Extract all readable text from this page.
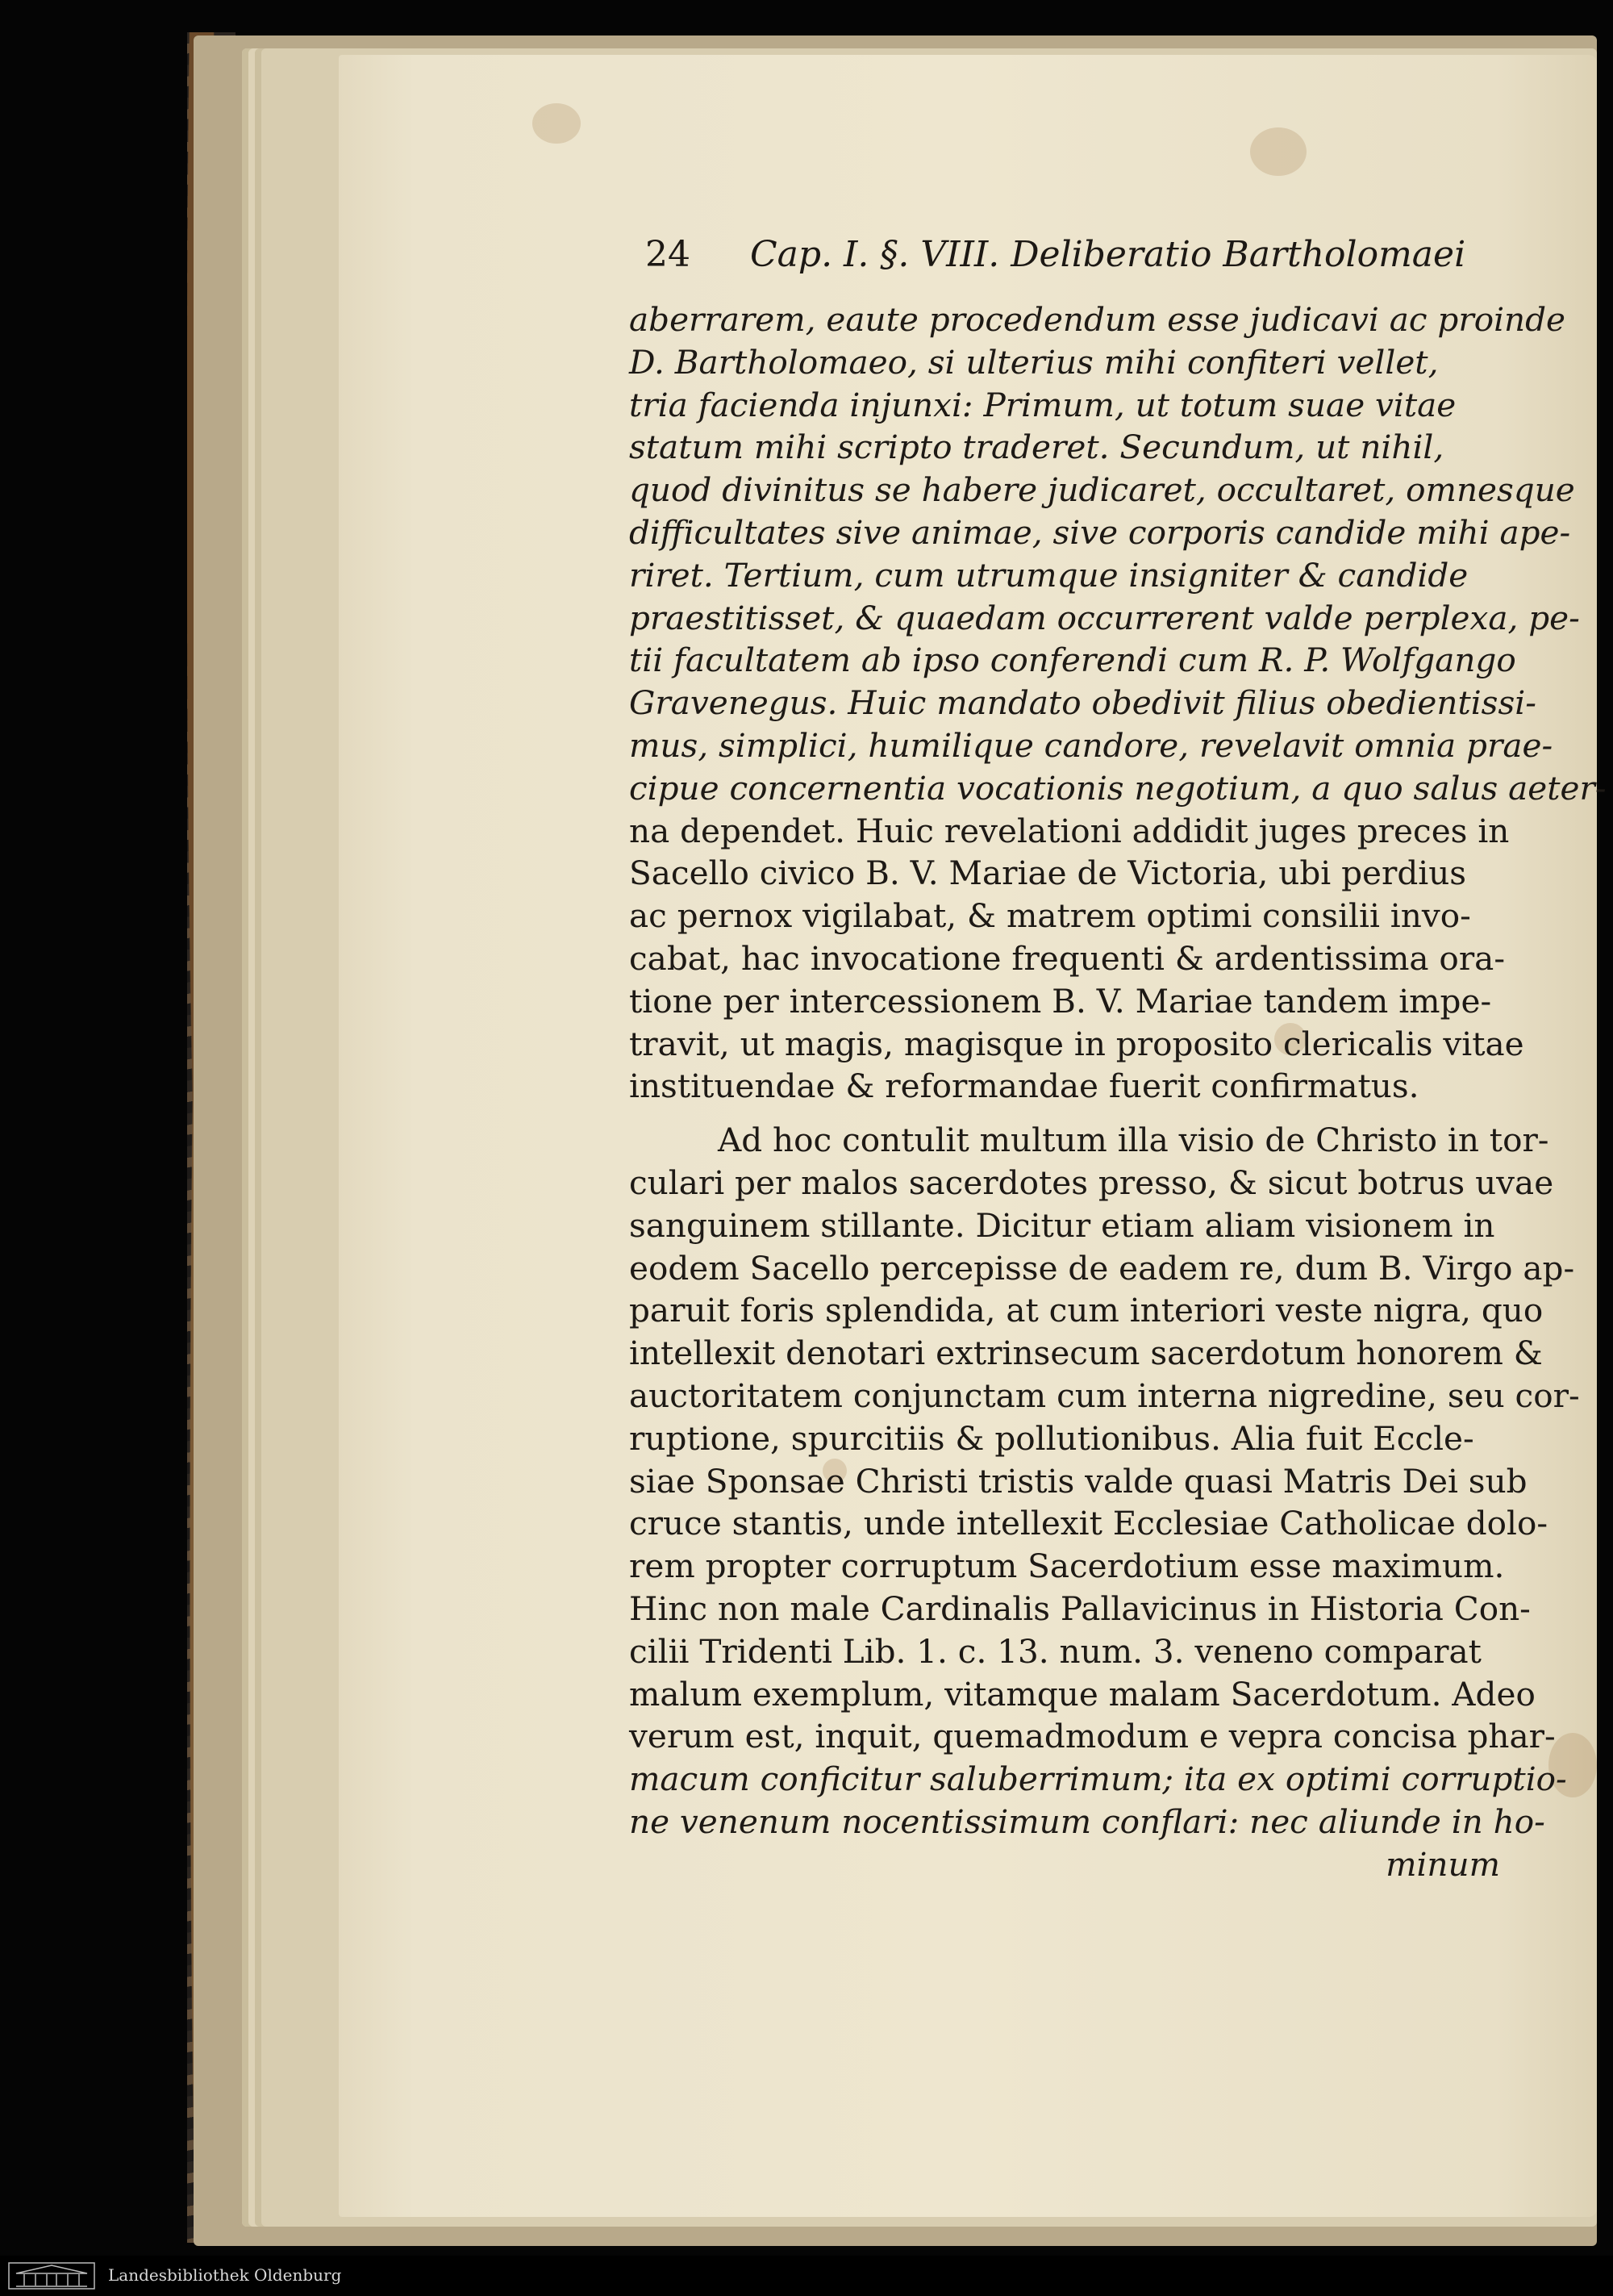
24 Cap. I. §. VIII. Deliberatio Bartholomaei
aberrarem, eaute procedendum esse judicavi ac proinde
D. Bartholomaeo, si ulterius mihi confiteri vellet,
tria facienda injunxi: Primum, ut totum suae vitae
statum mihi scripto traderet. Secundum, ut nihil,
quod divinitus se habere judicaret, occultaret, omnesque
difficultates sive animae, sive corporis candide mihi ape-
riret. Tertium, cum utrumque insigniter & candide
praestitisset, & quaedam occurrerent valde perplexa, pe-
tii facultatem ab ipso conferendi cum R. P. Wolfgango
Gravenegus. Huic mandato obedivit filius obedientissi-
mus, simplici, humilique candore, revelavit omnia prae-
cipue concernentia vocationis negotium, a quo salus aeter-
na dependet. Huic revelationi addidit juges preces in
Sacello civico B. V. Mariae de Victoria, ubi perdius
ac pernox vigilabat, & matrem optimi consilii invo-
cabat, hac invocatione frequenti & ardentissima ora-
tione per intercessionem B. V. Mariae tandem impe-
travit, ut magis, magisque in proposito clericalis vitae
instituendae & reformandae fuerit confirmatus.
Ad hoc contulit multum illa visio de Christo in tor-
culari per malos sacerdotes presso, & sicut botrus uvae
sanguinem stillante. Dicitur etiam aliam visionem in
eodem Sacello percepisse de eadem re, dum B. Virgo ap-
paruit foris splendida, at cum interiori veste nigra, quo
intellexit denotari extrinsecum sacerdotum honorem &
auctoritatem conjunctam cum interna nigredine, seu cor-
ruptione, spurcitiis & pollutionibus. Alia fuit Eccle-
siae Sponsae Christi tristis valde quasi Matris Dei sub
cruce stantis, unde intellexit Ecclesiae Catholicae dolo-
rem propter corruptum Sacerdotium esse maximum.
Hinc non male Cardinalis Pallavicinus in Historia Con-
cilii Tridenti Lib. 1. c. 13. num. 3. veneno comparat
malum exemplum, vitamque malam Sacerdotum. Adeo
verum est, inquit, quemadmodum e vepra concisa phar-
macum conficitur saluberrimum; ita ex optimi corruptio-
ne venenum nocentissimum conflari: nec aliunde in ho-
minum
Landesbibliothek Oldenburg
